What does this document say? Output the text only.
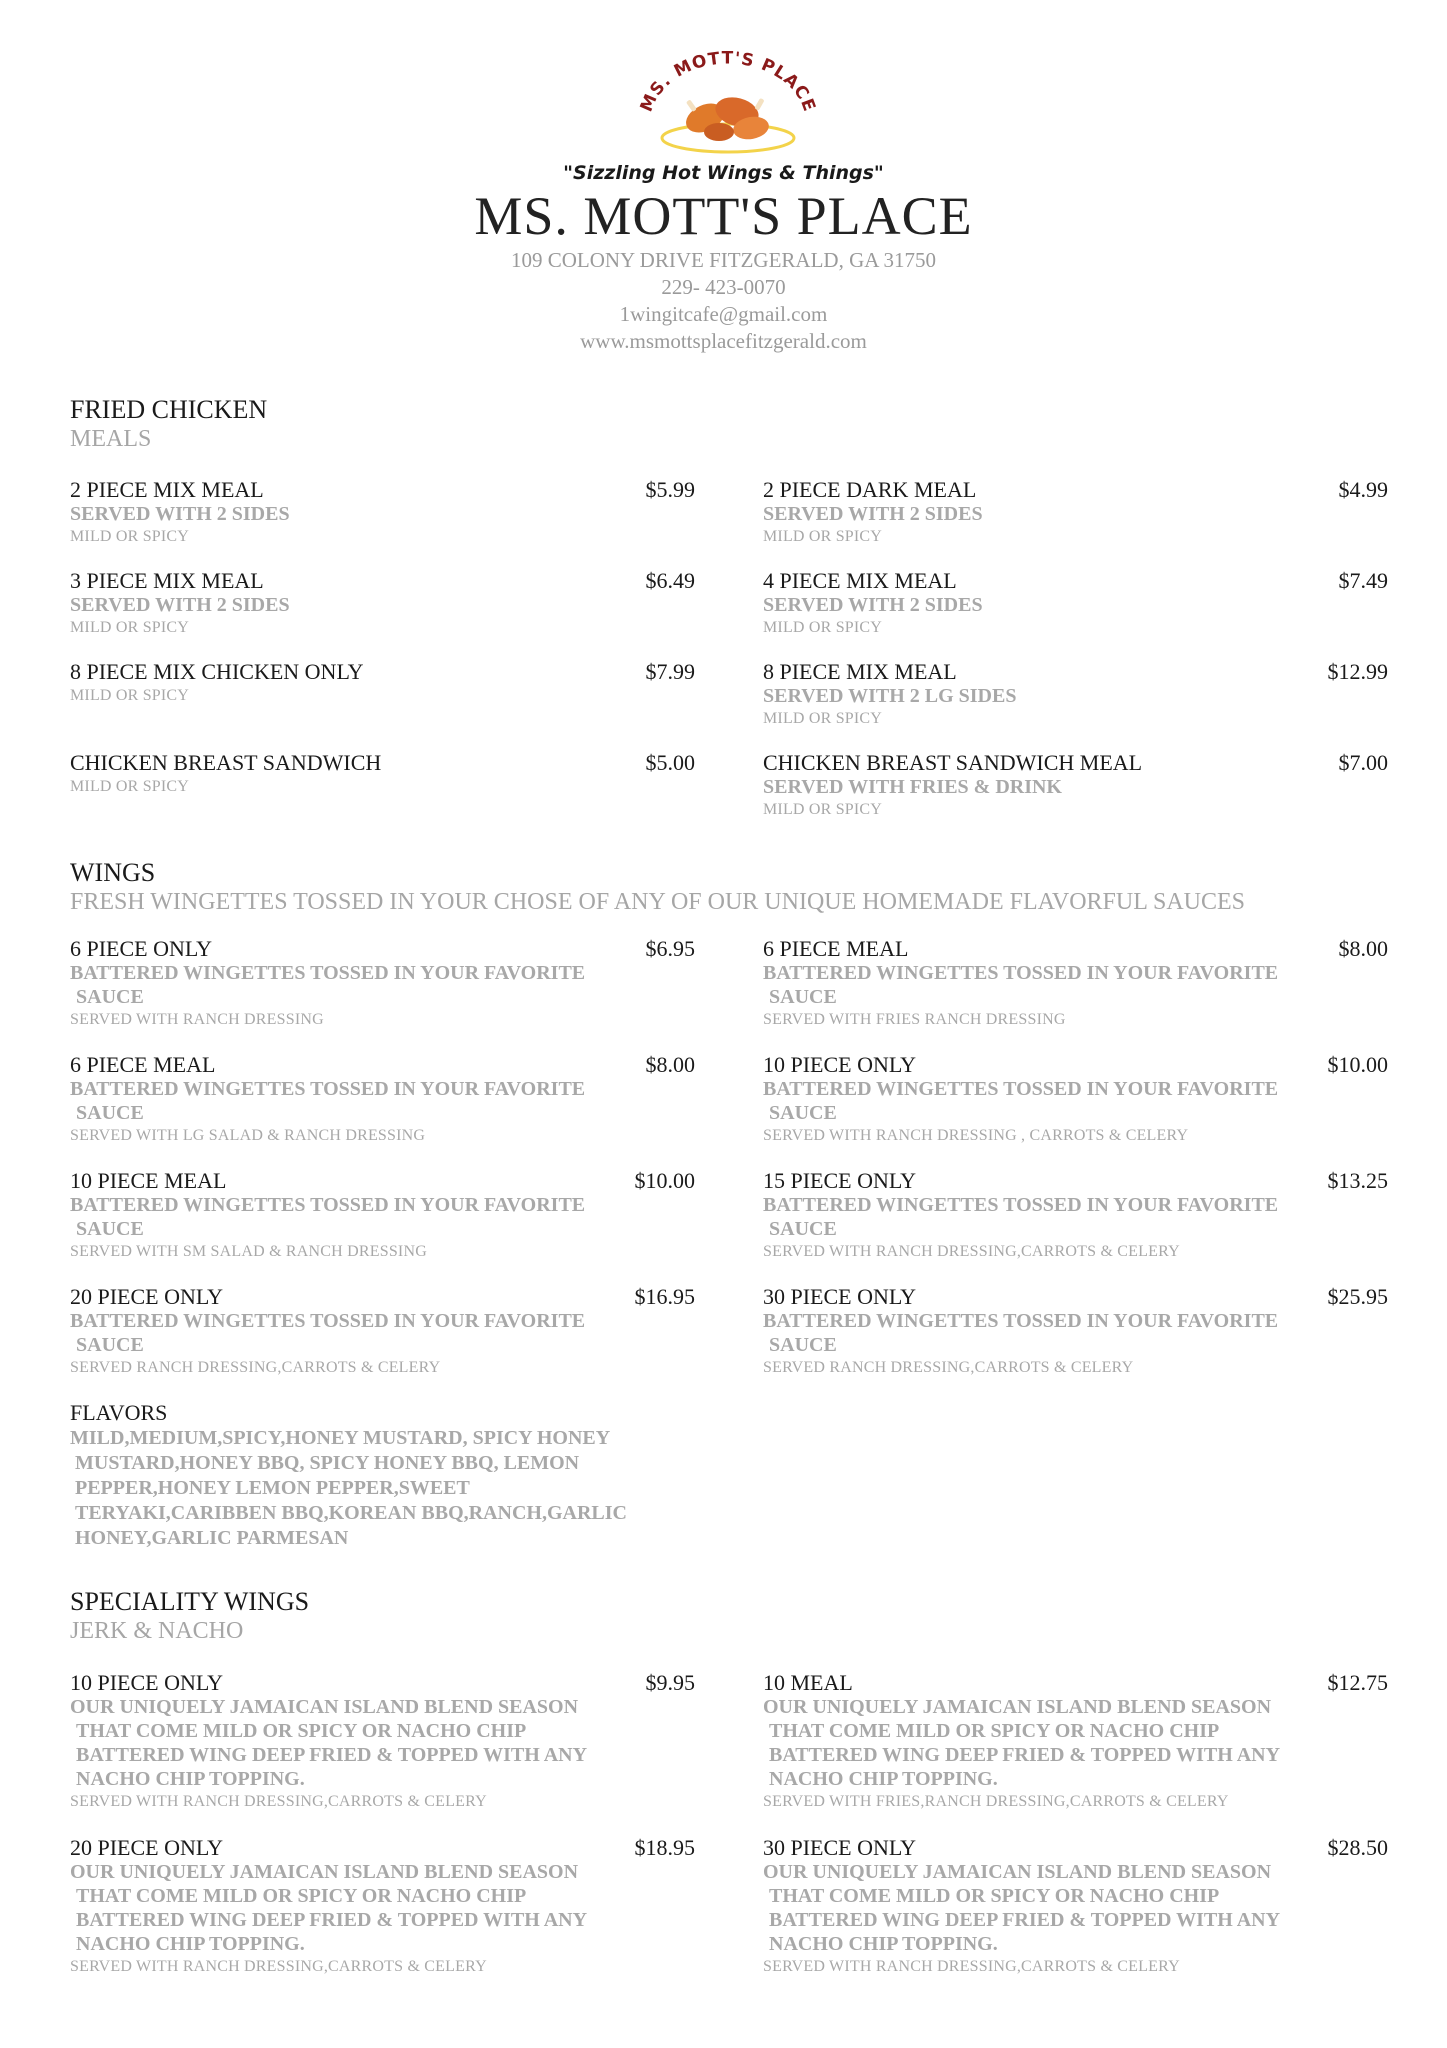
MS. MOTT'S PLACE
"Sizzling Hot Wings & Things"
MS. MOTT'S PLACE
109 COLONY DRIVE FITZGERALD, GA 31750
229- 423-0070
1wingitcafe@gmail.com
www.msmottsplacefitzgerald.com
FRIED CHICKEN
MEALS
2 PIECE MIX MEAL	$5.99
SERVED WITH 2 SIDES
MILD OR SPICY
2 PIECE DARK MEAL	$4.99
SERVED WITH 2 SIDES
MILD OR SPICY
3 PIECE MIX MEAL	$6.49
SERVED WITH 2 SIDES
MILD OR SPICY
4 PIECE MIX MEAL	$7.49
SERVED WITH 2 SIDES
MILD OR SPICY
8 PIECE MIX CHICKEN ONLY	$7.99
MILD OR SPICY
8 PIECE MIX MEAL	$12.99
SERVED WITH 2 LG SIDES
MILD OR SPICY
CHICKEN BREAST SANDWICH	$5.00
MILD OR SPICY
CHICKEN BREAST SANDWICH MEAL	$7.00
SERVED WITH FRIES & DRINK
MILD OR SPICY
WINGS
FRESH WINGETTES TOSSED IN YOUR CHOSE OF ANY OF OUR UNIQUE HOMEMADE FLAVORFUL SAUCES
6 PIECE ONLY	$6.95
BATTERED WINGETTES TOSSED IN YOUR FAVORITE
SAUCE
SERVED WITH RANCH DRESSING
6 PIECE MEAL	$8.00
BATTERED WINGETTES TOSSED IN YOUR FAVORITE
SAUCE
SERVED WITH FRIES RANCH DRESSING
6 PIECE MEAL	$8.00
BATTERED WINGETTES TOSSED IN YOUR FAVORITE
SAUCE
SERVED WITH LG SALAD & RANCH DRESSING
10 PIECE ONLY	$10.00
BATTERED WINGETTES TOSSED IN YOUR FAVORITE
SAUCE
SERVED WITH RANCH DRESSING , CARROTS & CELERY
10 PIECE MEAL	$10.00
BATTERED WINGETTES TOSSED IN YOUR FAVORITE
SAUCE
SERVED WITH SM SALAD & RANCH DRESSING
15 PIECE ONLY	$13.25
BATTERED WINGETTES TOSSED IN YOUR FAVORITE
SAUCE
SERVED WITH RANCH DRESSING,CARROTS & CELERY
20 PIECE ONLY	$16.95
BATTERED WINGETTES TOSSED IN YOUR FAVORITE
SAUCE
SERVED RANCH DRESSING,CARROTS & CELERY
30 PIECE ONLY	$25.95
BATTERED WINGETTES TOSSED IN YOUR FAVORITE
SAUCE
SERVED RANCH DRESSING,CARROTS & CELERY
FLAVORS
MILD,MEDIUM,SPICY,HONEY MUSTARD, SPICY HONEY
MUSTARD,HONEY BBQ, SPICY HONEY BBQ, LEMON
PEPPER,HONEY LEMON PEPPER,SWEET
TERYAKI,CARIBBEN BBQ,KOREAN BBQ,RANCH,GARLIC
HONEY,GARLIC PARMESAN
SPECIALITY WINGS
JERK & NACHO
10 PIECE ONLY	$9.95
OUR UNIQUELY JAMAICAN ISLAND BLEND SEASON
THAT COME MILD OR SPICY OR NACHO CHIP
BATTERED WING DEEP FRIED & TOPPED WITH ANY
NACHO CHIP TOPPING.
SERVED WITH RANCH DRESSING,CARROTS & CELERY
10 MEAL	$12.75
OUR UNIQUELY JAMAICAN ISLAND BLEND SEASON
THAT COME MILD OR SPICY OR NACHO CHIP
BATTERED WING DEEP FRIED & TOPPED WITH ANY
NACHO CHIP TOPPING.
SERVED WITH FRIES,RANCH DRESSING,CARROTS & CELERY
20 PIECE ONLY	$18.95
OUR UNIQUELY JAMAICAN ISLAND BLEND SEASON
THAT COME MILD OR SPICY OR NACHO CHIP
BATTERED WING DEEP FRIED & TOPPED WITH ANY
NACHO CHIP TOPPING.
SERVED WITH RANCH DRESSING,CARROTS & CELERY
30 PIECE ONLY	$28.50
OUR UNIQUELY JAMAICAN ISLAND BLEND SEASON
THAT COME MILD OR SPICY OR NACHO CHIP
BATTERED WING DEEP FRIED & TOPPED WITH ANY
NACHO CHIP TOPPING.
SERVED WITH RANCH DRESSING,CARROTS & CELERY
